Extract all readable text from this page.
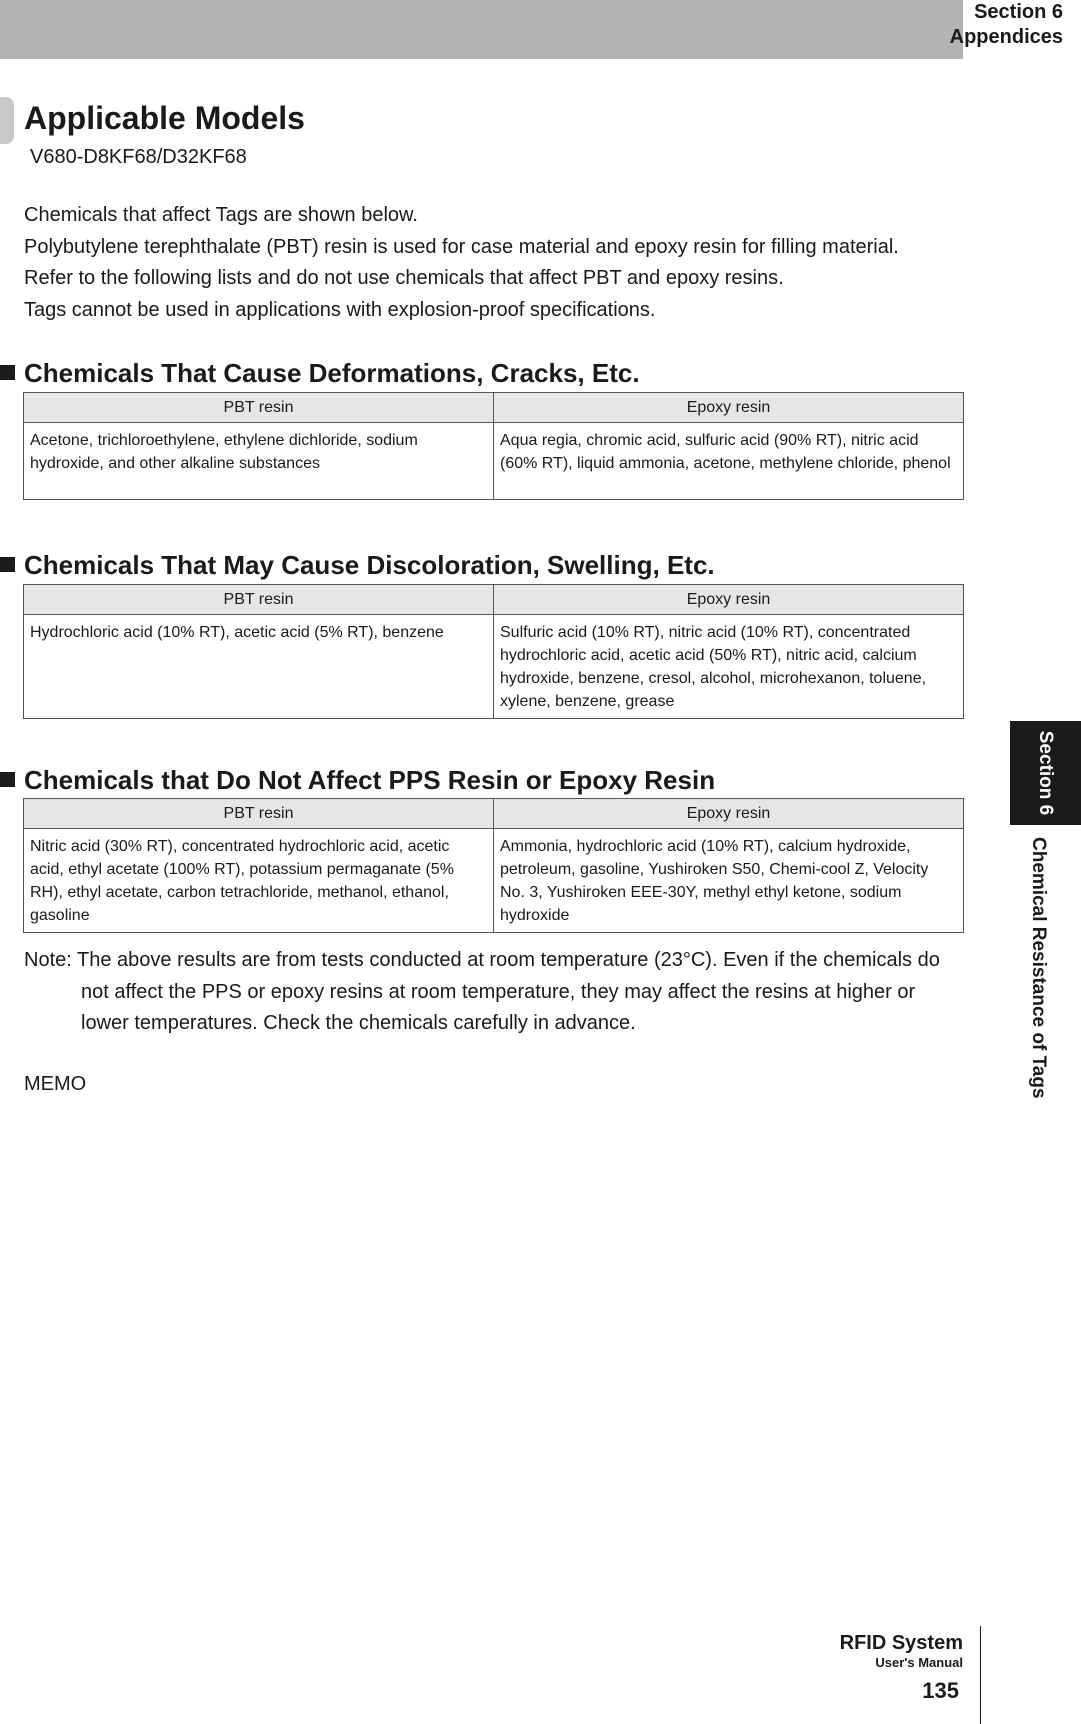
Section 6
Appendices
Applicable Models
V680-D8KF68/D32KF68

Chemicals that affect Tags are shown below.

Polybutylene terephthalate (PBT) resin is used for case material and epoxy resin for filling material.

Refer to the following lists and do not use chemicals that affect PBT and epoxy resins.

Tags cannot be used in applications with explosion-proof specifications.

Chemicals That Cause Deformations, Cracks, Etc.
PBT resin	Epoxy resin
Acetone, trichloroethylene, ethylene dichloride, sodium hydroxide, and other alkaline substances	Aqua regia, chromic acid, sulfuric acid (90% RT), nitric acid (60% RT), liquid ammonia, acetone, methylene chloride, phenol
Chemicals That May Cause Discoloration, Swelling, Etc.
PBT resin	Epoxy resin
Hydrochloric acid (10% RT), acetic acid (5% RT), benzene	Sulfuric acid (10% RT), nitric acid (10% RT), concentrated hydrochloric acid, acetic acid (50% RT), nitric acid, calcium hydroxide, benzene, cresol, alcohol, microhexanon, toluene, xylene, benzene, grease
Chemicals that Do Not Affect PPS Resin or Epoxy Resin
PBT resin	Epoxy resin
Nitric acid (30% RT), concentrated hydrochloric acid, acetic acid, ethyl acetate (100% RT), potassium permaganate (5% RH), ethyl acetate, carbon tetrachloride, methanol, ethanol, gasoline	Ammonia, hydrochloric acid (10% RT), calcium hydroxide, petroleum, gasoline, Yushiroken S50, Chemi-cool Z, Velocity No. 3, Yushiroken EEE-30Y, methyl ethyl ketone, sodium hydroxide
Note: The above results are from tests conducted at room temperature (23°C). Even if the chemicals do not affect the PPS or epoxy resins at room temperature, they may affect the resins at higher or lower temperatures. Check the chemicals carefully in advance.
MEMO
Section 6
Chemical Resistance of Tags
RFID System
User's Manual
135
